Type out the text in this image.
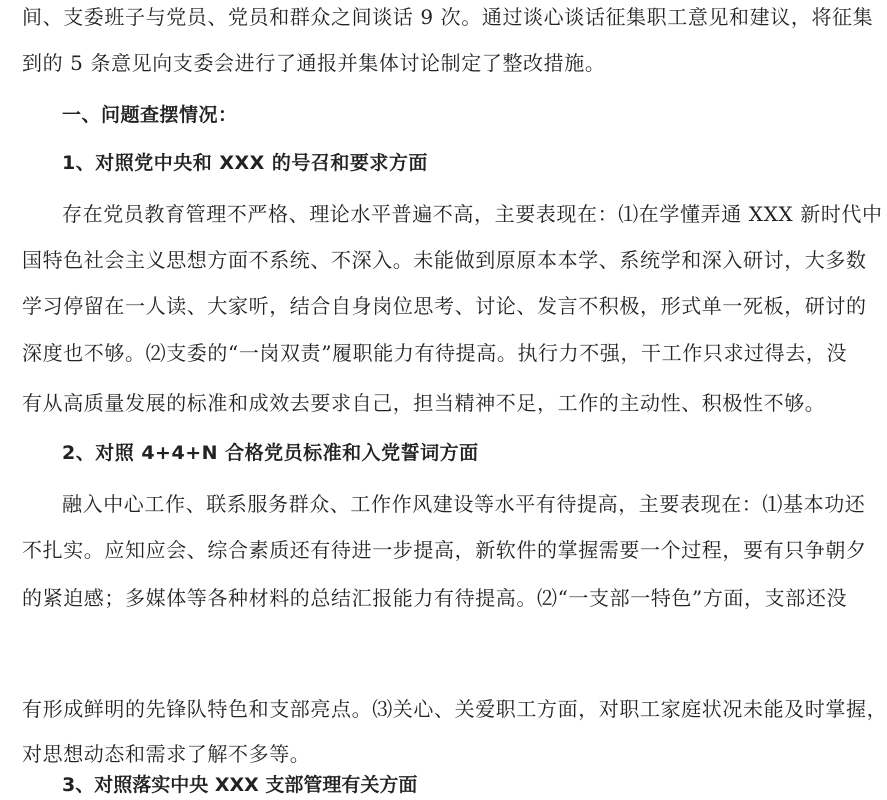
间、支委班子与党员、党员和群众之间谈话 9 次。通过谈心谈话征集职工意见和建议，将征集
到的 5 条意见向支委会进行了通报并集体讨论制定了整改措施。
一、问题查摆情况：
1、对照党中央和 XXX 的号召和要求方面
存在党员教育管理不严格、理论水平普遍不高，主要表现在：⑴在学懂弄通 XXX 新时代中
国特色社会主义思想方面不系统、不深入。未能做到原原本本学、系统学和深入研讨，大多数
学习停留在一人读、大家听，结合自身岗位思考、讨论、发言不积极，形式单一死板，研讨的
深度也不够。⑵支委的“一岗双责”履职能力有待提高。执行力不强，干工作只求过得去，没
有从高质量发展的标准和成效去要求自己，担当精神不足，工作的主动性、积极性不够。
2、对照 4+4+N 合格党员标准和入党誓词方面
融入中心工作、联系服务群众、工作作风建设等水平有待提高，主要表现在：⑴基本功还
不扎实。应知应会、综合素质还有待进一步提高，新软件的掌握需要一个过程，要有只争朝夕
的紧迫感；多媒体等各种材料的总结汇报能力有待提高。⑵“一支部一特色”方面，支部还没
有形成鲜明的先锋队特色和支部亮点。⑶关心、关爱职工方面，对职工家庭状况未能及时掌握，
对思想动态和需求了解不多等。
3、对照落实中央 XXX 支部管理有关方面
